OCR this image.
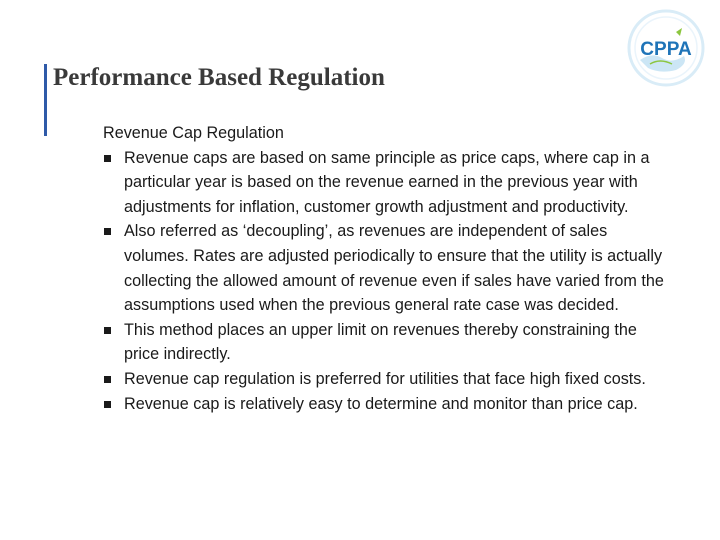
Performance Based Regulation
CPPA

Revenue Cap Regulation

Revenue caps are based on same principle as price caps, where cap in a particular year is based on the revenue earned in the previous year with adjustments for inflation, customer growth adjustment and productivity.
Also referred as ‘decoupling’, as revenues are independent of sales volumes. Rates are adjusted periodically to ensure that the utility is actually collecting the allowed amount of revenue even if sales have varied from the assumptions used when the previous general rate case was decided.
This method places an upper limit on revenues thereby constraining the price indirectly.
Revenue cap regulation is preferred for utilities that face high fixed costs.
Revenue cap is relatively easy to determine and monitor than price cap.
